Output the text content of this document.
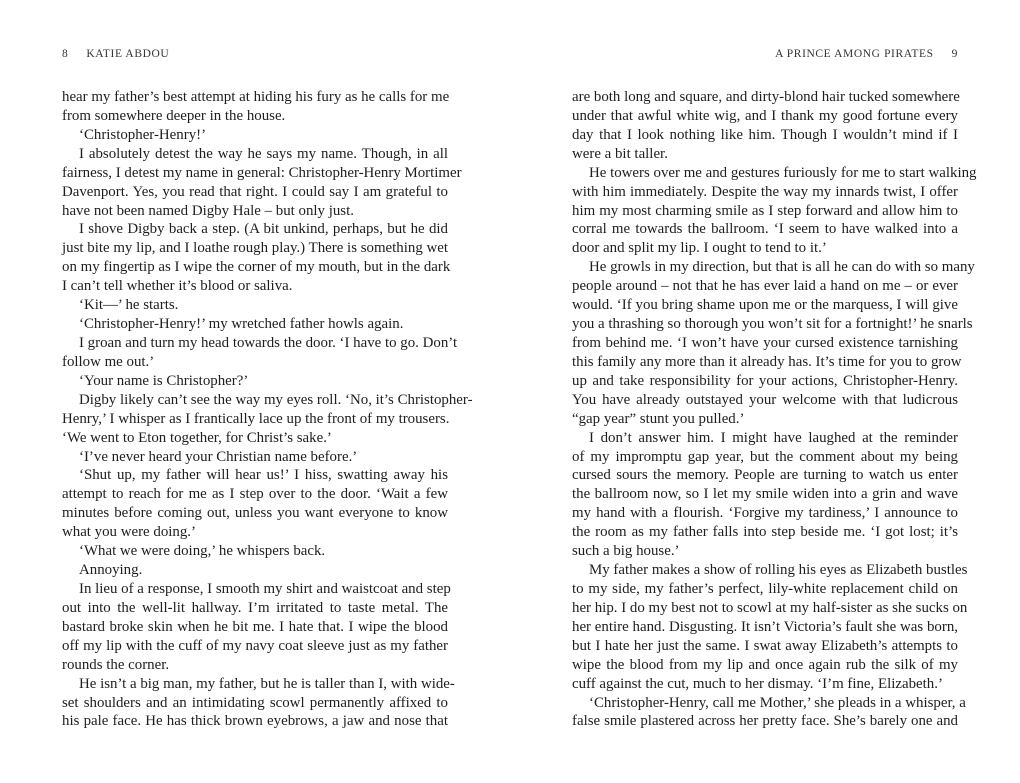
8 KATIE ABDOU
hear my father’s best attempt at hiding his fury as he calls for me
from somewhere deeper in the house.
‘Christopher-Henry!’
I absolutely detest the way he says my name. Though, in all
fairness, I detest my name in general: Christopher-Henry Mortimer
Davenport. Yes, you read that right. I could say I am grateful to
have not been named Digby Hale – but only just.
I shove Digby back a step. (A bit unkind, perhaps, but he did
just bite my lip, and I loathe rough play.) There is something wet
on my fingertip as I wipe the corner of my mouth, but in the dark
I can’t tell whether it’s blood or saliva.
‘Kit—’ he starts.
‘Christopher-Henry!’ my wretched father howls again.
I groan and turn my head towards the door. ‘I have to go. Don’t
follow me out.’
‘Your name is Christopher?’
Digby likely can’t see the way my eyes roll. ‘No, it’s Christopher-
Henry,’ I whisper as I frantically lace up the front of my trousers.
‘We went to Eton together, for Christ’s sake.’
‘I’ve never heard your Christian name before.’
‘Shut up, my father will hear us!’ I hiss, swatting away his
attempt to reach for me as I step over to the door. ‘Wait a few
minutes before coming out, unless you want everyone to know
what you were doing.’
‘What we were doing,’ he whispers back.
Annoying.
In lieu of a response, I smooth my shirt and waistcoat and step
out into the well-lit hallway. I’m irritated to taste metal. The
bastard broke skin when he bit me. I hate that. I wipe the blood
off my lip with the cuff of my navy coat sleeve just as my father
rounds the corner.
He isn’t a big man, my father, but he is taller than I, with wide-
set shoulders and an intimidating scowl permanently affixed to
his pale face. He has thick brown eyebrows, a jaw and nose that
A PRINCE AMONG PIRATES 9
are both long and square, and dirty-blond hair tucked somewhere
under that awful white wig, and I thank my good fortune every
day that I look nothing like him. Though I wouldn’t mind if I
were a bit taller.
He towers over me and gestures furiously for me to start walking
with him immediately. Despite the way my innards twist, I offer
him my most charming smile as I step forward and allow him to
corral me towards the ballroom. ‘I seem to have walked into a
door and split my lip. I ought to tend to it.’
He growls in my direction, but that is all he can do with so many
people around – not that he has ever laid a hand on me – or ever
would. ‘If you bring shame upon me or the marquess, I will give
you a thrashing so thorough you won’t sit for a fortnight!’ he snarls
from behind me. ‘I won’t have your cursed existence tarnishing
this family any more than it already has. It’s time for you to grow
up and take responsibility for your actions, Christopher-Henry.
You have already outstayed your welcome with that ludicrous
“gap year” stunt you pulled.’
I don’t answer him. I might have laughed at the reminder
of my impromptu gap year, but the comment about my being
cursed sours the memory. People are turning to watch us enter
the ballroom now, so I let my smile widen into a grin and wave
my hand with a flourish. ‘Forgive my tardiness,’ I announce to
the room as my father falls into step beside me. ‘I got lost; it’s
such a big house.’
My father makes a show of rolling his eyes as Elizabeth bustles
to my side, my father’s perfect, lily-white replacement child on
her hip. I do my best not to scowl at my half-sister as she sucks on
her entire hand. Disgusting. It isn’t Victoria’s fault she was born,
but I hate her just the same. I swat away Elizabeth’s attempts to
wipe the blood from my lip and once again rub the silk of my
cuff against the cut, much to her dismay. ‘I’m fine, Elizabeth.’
‘Christopher-Henry, call me Mother,’ she pleads in a whisper, a
false smile plastered across her pretty face. She’s barely one and
